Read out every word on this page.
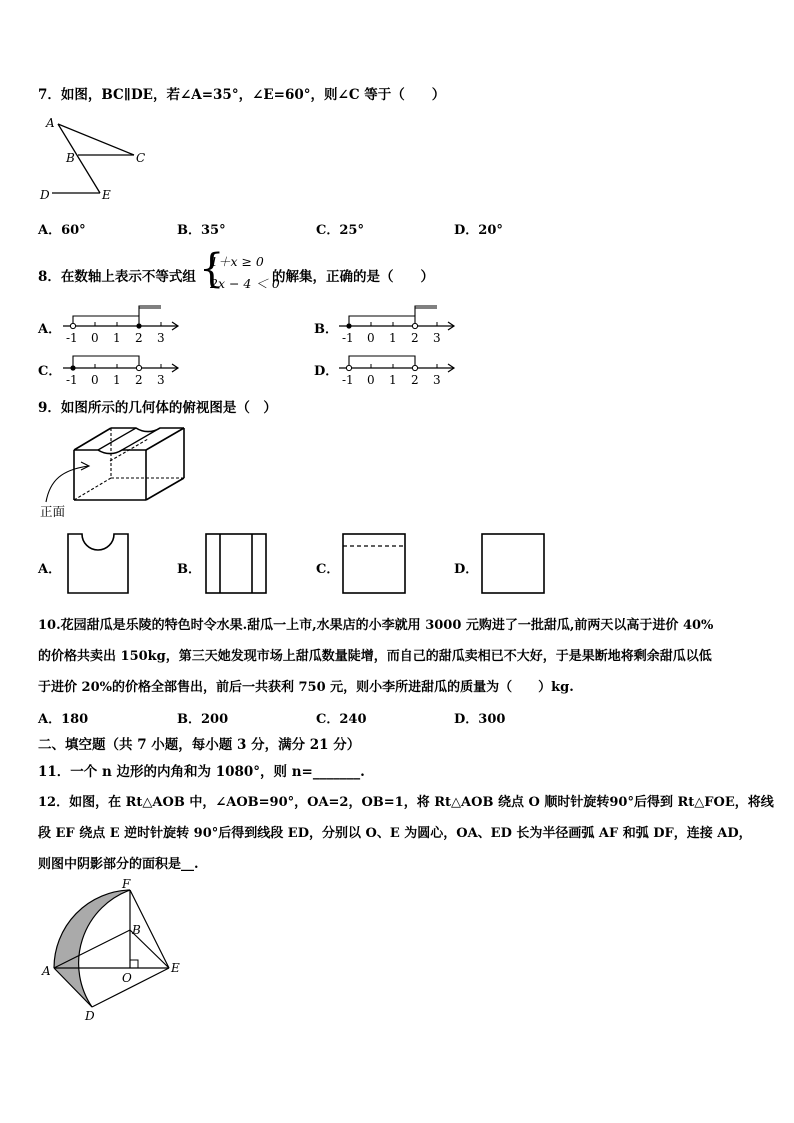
7．如图，BC∥DE，若∠A=35°，∠E=60°，则∠C 等于（　　）
A
B	C
D	E
A．60°	B．35°	C．25°	D．20°
8．在数轴上表示不等式组 {
1＋x ≥ 0
2x − 4 ＜ 0
的解集，正确的是（　　）
A．	B．
C．	D．
-1 0 1 2 3	-1 0 1 2 3
-1 0 1 2 3	-1 0 1 2 3
9．如图所示的几何体的俯视图是（　）
正面
A．	B．	C．	D．
10.花园甜瓜是乐陵的特色时令水果.甜瓜一上市,水果店的小李就用 3000 元购进了一批甜瓜,前两天以高于进价 40%
的价格共卖出 150kg，第三天她发现市场上甜瓜数量陡增，而自己的甜瓜卖相已不大好，于是果断地将剩余甜瓜以低
于进价 20%的价格全部售出，前后一共获利 750 元，则小李所进甜瓜的质量为（　　）kg.
A．180	B．200	C．240	D．300
二、填空题（共 7 小题，每小题 3 分，满分 21 分）
11．一个 n 边形的内角和为 1080°，则 n=_______.
12．如图，在 Rt△AOB 中，∠AOB=90°，OA=2，OB=1，将 Rt△AOB 绕点 O 顺时针旋转90°后得到 Rt△FOE，将线
段 EF 绕点 E 逆时针旋转 90°后得到线段 ED，分别以 O、E 为圆心，OA、ED 长为半径画弧 AF 和弧 DF，连接 AD，
则图中阴影部分的面积是__.
F
B
A	O
E
D
